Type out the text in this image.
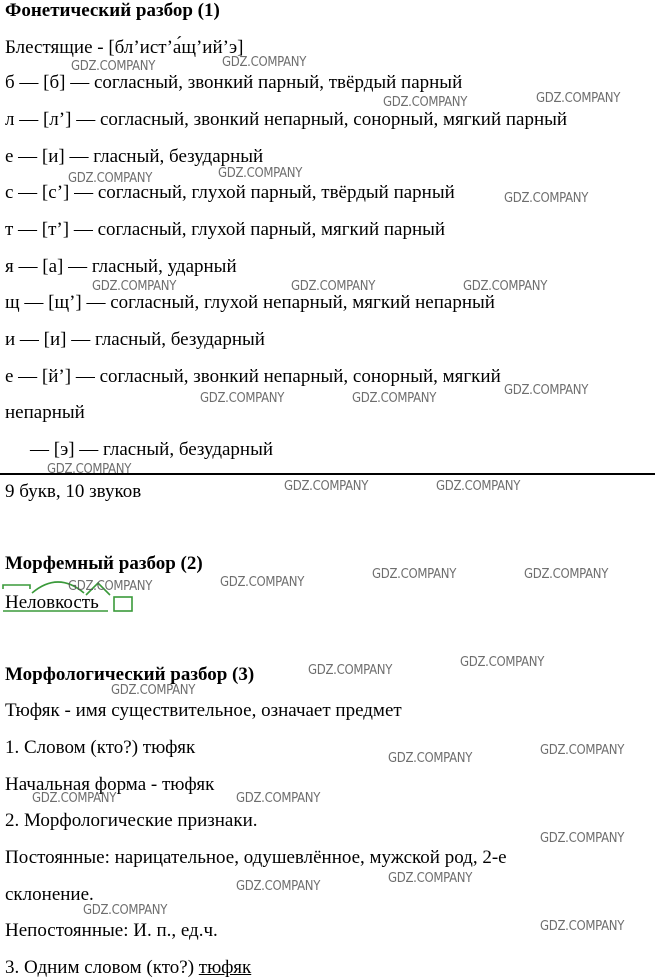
Фонетический разбор (1)
Блестящие - [бл’ист’а́щ’ий’э]
б — [б] — согласный, звонкий парный, твёрдый парный
л — [л’] — согласный, звонкий непарный, сонорный, мягкий парный
е — [и] — гласный, безударный
с — [с’] — согласный, глухой парный, твёрдый парный
т — [т’] — согласный, глухой парный, мягкий парный
я — [а] — гласный, ударный
щ — [щ’] — согласный, глухой непарный, мягкий непарный
и — [и] — гласный, безударный
е — [й’] — согласный, звонкий непарный, сонорный, мягкий
непарный
— [э] — гласный, безударный
9 букв, 10 звуков
Морфемный разбор (2)
Неловкость
Морфологический разбор (3)
Тюфяк - имя существительное, означает предмет
1. Словом (кто?) тюфяк
Начальная форма - тюфяк
2. Морфологические признаки.
Постоянные: нарицательное, одушевлённое, мужской род, 2-е
склонение.
Непостоянные: И. п., ед.ч.
3. Одним словом (кто?) тюфяк
GDZ.COMPANY
GDZ.COMPANY
GDZ.COMPANY
GDZ.COMPANY
GDZ.COMPANY
GDZ.COMPANY
GDZ.COMPANY
GDZ.COMPANY	GDZ.COMPANY
GDZ.COMPANY
GDZ.COMPANY
GDZ.COMPANY	GDZ.COMPANY
GDZ.COMPANY
GDZ.COMPANY	GDZ.COMPANY
GDZ.COMPANY	GDZ.COMPANY
GDZ.COMPANY
GDZ.COMPANY
GDZ.COMPANY
GDZ.COMPANY
GDZ.COMPANY
GDZ.COMPANY
GDZ.COMPANY
GDZ.COMPANY	GDZ.COMPANY
GDZ.COMPANY
GDZ.COMPANY
GDZ.COMPANY
GDZ.COMPANY
GDZ.COMPANY
